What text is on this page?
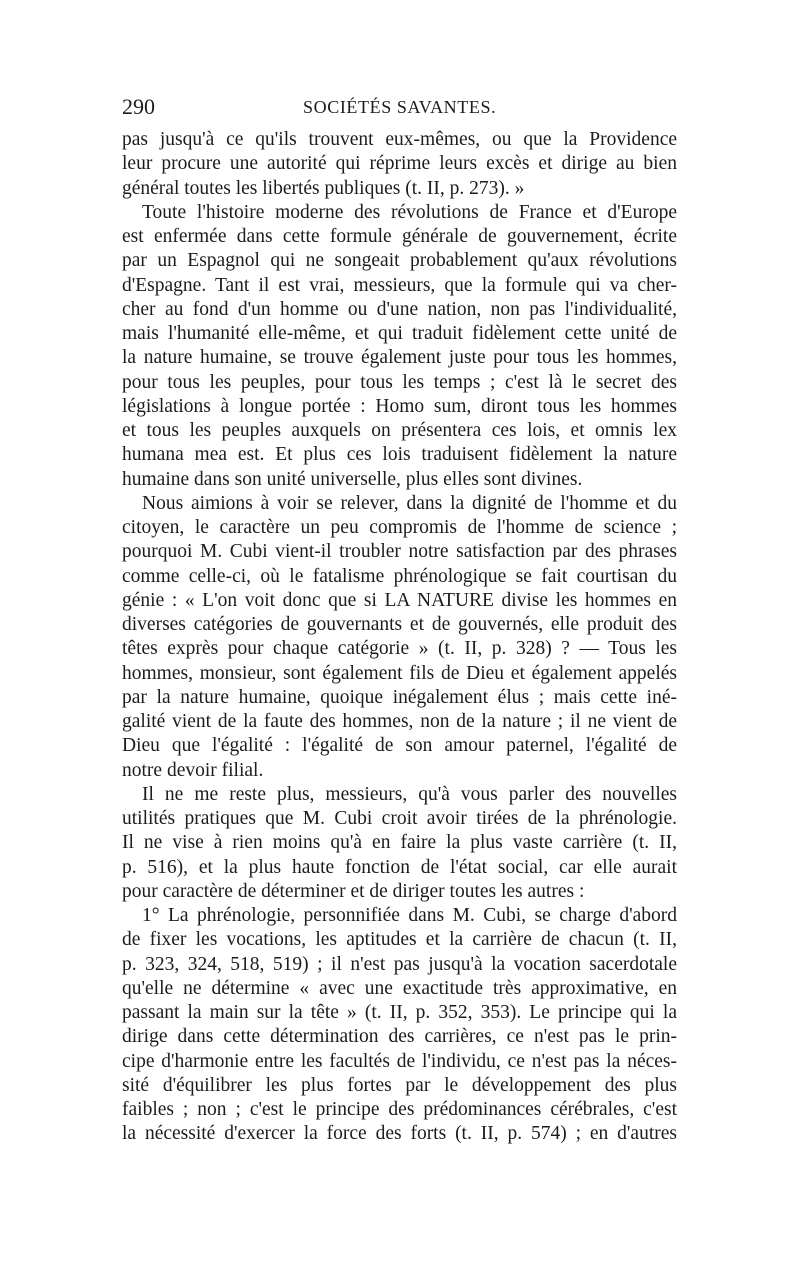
290	SOCIÉTÉS SAVANTES.
pas jusqu'à ce qu'ils trouvent eux-mêmes, ou que la Providence
leur procure une autorité qui réprime leurs excès et dirige au bien
général toutes les libertés publiques (t. II, p. 273). »
Toute l'histoire moderne des révolutions de France et d'Europe
est enfermée dans cette formule générale de gouvernement, écrite
par un Espagnol qui ne songeait probablement qu'aux révolutions
d'Espagne. Tant il est vrai, messieurs, que la formule qui va cher-
cher au fond d'un homme ou d'une nation, non pas l'individualité,
mais l'humanité elle-même, et qui traduit fidèlement cette unité de
la nature humaine, se trouve également juste pour tous les hommes,
pour tous les peuples, pour tous les temps ; c'est là le secret des
législations à longue portée : Homo sum, diront tous les hommes
et tous les peuples auxquels on présentera ces lois, et omnis lex
humana mea est. Et plus ces lois traduisent fidèlement la nature
humaine dans son unité universelle, plus elles sont divines.
Nous aimions à voir se relever, dans la dignité de l'homme et du
citoyen, le caractère un peu compromis de l'homme de science ;
pourquoi M. Cubi vient-il troubler notre satisfaction par des phrases
comme celle-ci, où le fatalisme phrénologique se fait courtisan du
génie : « L'on voit donc que si LA NATURE divise les hommes en
diverses catégories de gouvernants et de gouvernés, elle produit des
têtes exprès pour chaque catégorie » (t. II, p. 328) ? — Tous les
hommes, monsieur, sont également fils de Dieu et également appelés
par la nature humaine, quoique inégalement élus ; mais cette iné-
galité vient de la faute des hommes, non de la nature ; il ne vient de
Dieu que l'égalité : l'égalité de son amour paternel, l'égalité de
notre devoir filial.
Il ne me reste plus, messieurs, qu'à vous parler des nouvelles
utilités pratiques que M. Cubi croit avoir tirées de la phrénologie.
Il ne vise à rien moins qu'à en faire la plus vaste carrière (t. II,
p. 516), et la plus haute fonction de l'état social, car elle aurait
pour caractère de déterminer et de diriger toutes les autres :
1° La phrénologie, personnifiée dans M. Cubi, se charge d'abord
de fixer les vocations, les aptitudes et la carrière de chacun (t. II,
p. 323, 324, 518, 519) ; il n'est pas jusqu'à la vocation sacerdotale
qu'elle ne détermine « avec une exactitude très approximative, en
passant la main sur la tête » (t. II, p. 352, 353). Le principe qui la
dirige dans cette détermination des carrières, ce n'est pas le prin-
cipe d'harmonie entre les facultés de l'individu, ce n'est pas la néces-
sité d'équilibrer les plus fortes par le développement des plus
faibles ; non ; c'est le principe des prédominances cérébrales, c'est
la nécessité d'exercer la force des forts (t. II, p. 574) ; en d'autres
